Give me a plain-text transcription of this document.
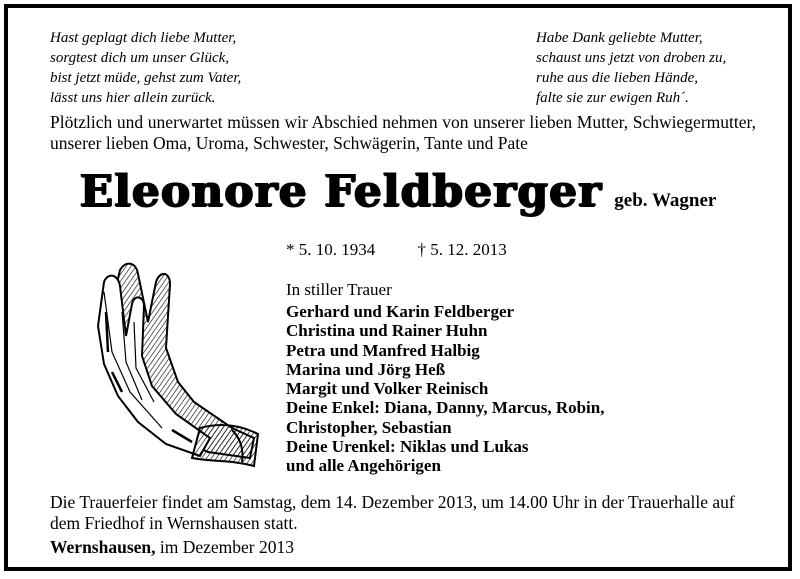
Hast geplagt dich liebe Mutter,
sorgtest dich um unser Glück,
bist jetzt müde, gehst zum Vater,
lässt uns hier allein zurück.
Habe Dank geliebte Mutter,
schaust uns jetzt von droben zu,
ruhe aus die lieben Hände,
falte sie zur ewigen Ruh´.
Plötzlich und unerwartet müssen wir Abschied nehmen von unserer lieben Mutter, Schwiegermutter, unserer lieben Oma, Uroma, Schwester, Schwägerin, Tante und Pate
Eleonore Feldberger geb. Wagner
* 5. 10. 1934 † 5. 12. 2013
In stiller Trauer
Gerhard und Karin Feldberger
Christina und Rainer Huhn
Petra und Manfred Halbig
Marina und Jörg Heß
Margit und Volker Reinisch
Deine Enkel: Diana, Danny, Marcus, Robin,
Christopher, Sebastian
Deine Urenkel: Niklas und Lukas
und alle Angehörigen
Die Trauerfeier findet am Samstag, dem 14. Dezember 2013, um 14.00 Uhr in der Trauerhalle auf dem Friedhof in Wernshausen statt.
Wernshausen, im Dezember 2013
